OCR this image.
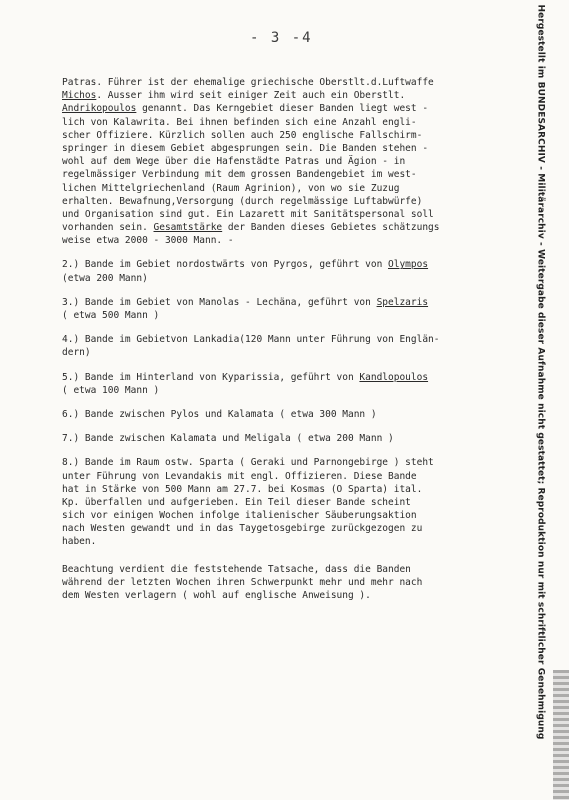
- 3 -4
Patras. Führer ist der ehemalige griechische Oberstlt.d.Luftwaffe
Michos. Ausser ihm wird seit einiger Zeit auch ein Oberstlt.
Andrikopoulos genannt. Das Kerngebiet dieser Banden liegt west -
lich von Kalawrita. Bei ihnen befinden sich eine Anzahl engli-
scher Offiziere. Kürzlich sollen auch 250 englische Fallschirm-
springer in diesem Gebiet abgesprungen sein. Die Banden stehen -
wohl auf dem Wege über die Hafenstädte Patras und Ägion - in
regelmässiger Verbindung mit dem grossen Bandengebiet im west-
lichen Mittelgriechenland (Raum Agrinion), von wo sie Zuzug
erhalten. Bewafnung,Versorgung (durch regelmässige Luftabwürfe)
und Organisation sind gut. Ein Lazarett mit Sanitätspersonal soll
vorhanden sein. Gesamtstärke der Banden dieses Gebietes schätzungs
weise etwa 2000 - 3000 Mann. -
2.) Bande im Gebiet nordostwärts von Pyrgos, geführt von Olympos
(etwa 200 Mann)
3.) Bande im Gebiet von Manolas - Lechäna, geführt von Spelzaris
( etwa 500 Mann )
4.) Bande im Gebietvon Lankadia(120 Mann unter Führung von Englän-
dern)
5.) Bande im Hinterland von Kyparissia, geführt von Kandlopoulos
( etwa 100 Mann )
6.) Bande zwischen Pylos und Kalamata ( etwa 300 Mann )
7.) Bande zwischen Kalamata und Meligala ( etwa 200 Mann )
8.) Bande im Raum ostw. Sparta ( Geraki und Parnongebirge ) steht
unter Führung von Levandakis mit engl. Offizieren. Diese Bande
hat in Stärke von 500 Mann am 27.7. bei Kosmas (O Sparta) ital.
Kp. überfallen und aufgerieben. Ein Teil dieser Bande scheint
sich vor einigen Wochen infolge italienischer Säuberungsaktion
nach Westen gewandt und in das Taygetosgebirge zurückgezogen zu
haben.
Beachtung verdient die feststehende Tatsache, dass die Banden
während der letzten Wochen ihren Schwerpunkt mehr und mehr nach
dem Westen verlagern ( wohl auf englische Anweisung ).	Hergestellt im BUNDESARCHIV - Militärarchiv - Weitergabe dieser Aufnahme nicht gestattet; Reproduktion nur mit schriftlicher Genehmigung
